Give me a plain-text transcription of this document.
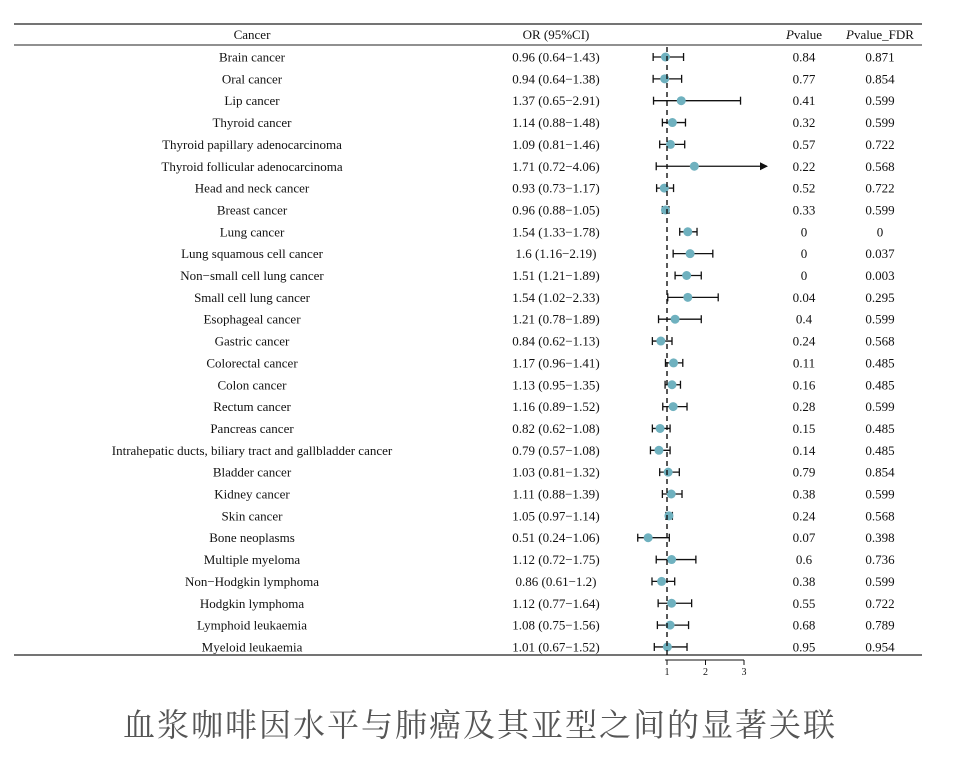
Cancer	OR (95%CI)	Pvalue Pvalue_FDR
Brain cancer	0.96 (0.64−1.43)	0.84	0.871
Oral cancer	0.94 (0.64−1.38)	0.77	0.854
Lip cancer	1.37 (0.65−2.91)	0.41	0.599
Thyroid cancer	1.14 (0.88−1.48)	0.32	0.599
Thyroid papillary adenocarcinoma	1.09 (0.81−1.46)	0.57	0.722
Thyroid follicular adenocarcinoma	1.71 (0.72−4.06)	0.22	0.568
Head and neck cancer	0.93 (0.73−1.17)	0.52	0.722
Breast cancer	0.96 (0.88−1.05)	0.33	0.599
Lung cancer	1.54 (1.33−1.78)	0	0
Lung squamous cell cancer	1.6 (1.16−2.19)	0	0.037
Non−small cell lung cancer	1.51 (1.21−1.89)	0	0.003
Small cell lung cancer	1.54 (1.02−2.33)	0.04	0.295
Esophageal cancer	1.21 (0.78−1.89)	0.4	0.599
Gastric cancer	0.84 (0.62−1.13)	0.24	0.568
Colorectal cancer	1.17 (0.96−1.41)	0.11	0.485
Colon cancer	1.13 (0.95−1.35)	0.16	0.485
Rectum cancer	1.16 (0.89−1.52)	0.28	0.599
Pancreas cancer	0.82 (0.62−1.08)	0.15	0.485
Intrahepatic ducts, biliary tract and gallbladder cancer	0.79 (0.57−1.08)	0.14	0.485
Bladder cancer	1.03 (0.81−1.32)	0.79	0.854
Kidney cancer	1.11 (0.88−1.39)	0.38	0.599
Skin cancer	1.05 (0.97−1.14)	0.24	0.568
Bone neoplasms	0.51 (0.24−1.06)	0.07	0.398
Multiple myeloma	1.12 (0.72−1.75)	0.6	0.736
Non−Hodgkin lymphoma	0.86 (0.61−1.2)	0.38	0.599
Hodgkin lymphoma	1.12 (0.77−1.64)	0.55	0.722
Lymphoid leukaemia	1.08 (0.75−1.56)	0.68	0.789
Myeloid leukaemia	1.01 (0.67−1.52)	0.95	0.954
1	2	3
血浆咖啡因水平与肺癌及其亚型之间的显著关联
